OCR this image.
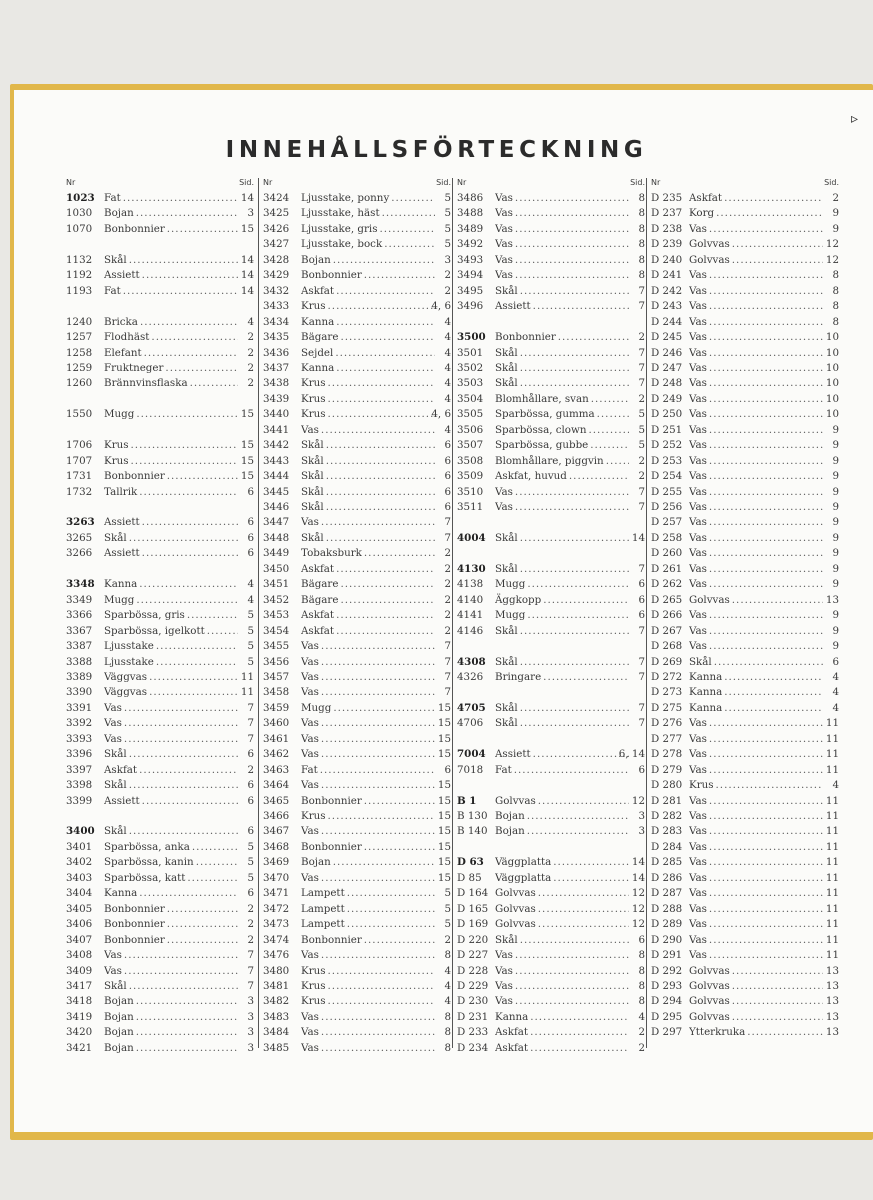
▹
INNEHÅLLSFÖRTECKNING
Nr	Sid.
1023 Fat .....	14
1030 Bojan .....	3
1070 Bonbonnier .....	15
1132 Skål .....	14
1192 Assiett .....	14
1193 Fat .....	14
1240 Bricka .....	4
1257 Flodhäst .....	2
1258 Elefant .....	2
1259 Fruktneger .....	2
1260 Brännvinsflaska .....	2
1550 Mugg .....	15
1706 Krus .....	15
1707 Krus .....	15
1731 Bonbonnier .....	15
1732 Tallrik .....	6
3263 Assiett .....	6
3265 Skål .....	6
3266 Assiett .....	6
3348 Kanna .....	4
3349 Mugg .....	4
3366 Sparbössa, gris .....	5
3367 Sparbössa, igelkott .....	5
3387 Ljusstake .....	5
3388 Ljusstake .....	5
3389 Väggvas .....	11
3390 Väggvas .....	11
3391 Vas .....	7
3392 Vas .....	7
3393 Vas .....	7
3396 Skål .....	6
3397 Askfat .....	2
3398 Skål .....	6
3399 Assiett .....	6
3400 Skål .....	6
3401 Sparbössa, anka .....	5
3402 Sparbössa, kanin .....	5
3403 Sparbössa, katt .....	5
3404 Kanna .....	6
3405 Bonbonnier .....	2
3406 Bonbonnier .....	2
3407 Bonbonnier .....	2
3408 Vas .....	7
3409 Vas .....	7
3417 Skål .....	7
3418 Bojan .....	3
3419 Bojan .....	3
3420 Bojan .....	3
3421 Bojan .....	3
Nr	Sid.
3424 Ljusstake, ponny .....	5
3425 Ljusstake, häst .....	5
3426 Ljusstake, gris .....	5
3427 Ljusstake, bock .....	5
3428 Bojan .....	3
3429 Bonbonnier .....	2
3432 Askfat .....	2
3433 Krus .....	4, 6
3434 Kanna .....	4
3435 Bägare .....	4
3436 Sejdel .....	4
3437 Kanna .....	4
3438 Krus .....	4
3439 Krus .....	4
3440 Krus .....	4, 6
3441 Vas .....	4
3442 Skål .....	6
3443 Skål .....	6
3444 Skål .....	6
3445 Skål .....	6
3446 Skål .....	6
3447 Vas .....	7
3448 Skål .....	7
3449 Tobaksburk .....	2
3450 Askfat .....	2
3451 Bägare .....	2
3452 Bägare .....	2
3453 Askfat .....	2
3454 Askfat .....	2
3455 Vas .....	7
3456 Vas .....	7
3457 Vas .....	7
3458 Vas .....	7
3459 Mugg .....	15
3460 Vas .....	15
3461 Vas .....	15
3462 Vas .....	15
3463 Fat .....	6
3464 Vas .....	15
3465 Bonbonnier .....	15
3466 Krus .....	15
3467 Vas .....	15
3468 Bonbonnier .....	15
3469 Bojan .....	15
3470 Vas .....	15
3471 Lampett .....	5
3472 Lampett .....	5
3473 Lampett .....	5
3474 Bonbonnier .....	2
3476 Vas .....	8
3480 Krus .....	4
3481 Krus .....	4
3482 Krus .....	4
3483 Vas .....	8
3484 Vas .....	8
3485 Vas .....	8
Nr	Sid.
3486 Vas .....	8
3488 Vas .....	8
3489 Vas .....	8
3492 Vas .....	8
3493 Vas .....	8
3494 Vas .....	8
3495 Skål .....	7
3496 Assiett .....	7
3500 Bonbonnier .....	2
3501 Skål .....	7
3502 Skål .....	7
3503 Skål .....	7
3504 Blomhållare, svan .....	2
3505 Sparbössa, gumma .....	5
3506 Sparbössa, clown .....	5
3507 Sparbössa, gubbe .....	5
3508 Blomhållare, piggvin .....	2
3509 Askfat, huvud .....	2
3510 Vas .....	7
3511 Vas .....	7
4004 Skål .....	14
4130 Skål .....	7
4138 Mugg .....	6
4140 Äggkopp .....	6
4141 Mugg .....	6
4146 Skål .....	7
4308 Skål .....	7
4326 Bringare .....	7
4705 Skål .....	7
4706 Skål .....	7
7004 Assiett .....	6, 14
7018 Fat .....	6
B 1 Golvvas .....	12
B 130 Bojan .....	3
B 140 Bojan .....	3
D 63 Väggplatta .....	14
D 85 Väggplatta .....	14
D 164 Golvvas .....	12
D 165 Golvvas .....	12
D 169 Golvvas .....	12
D 220 Skål .....	6
D 227 Vas .....	8
D 228 Vas .....	8
D 229 Vas .....	8
D 230 Vas .....	8
D 231 Kanna .....	4
D 233 Askfat .....	2
D 234 Askfat .....	2
Nr	Sid.
D 235 Askfat .....	2
D 237 Korg .....	9
D 238 Vas .....	9
D 239 Golvvas .....	12
D 240 Golvvas .....	12
D 241 Vas .....	8
D 242 Vas .....	8
D 243 Vas .....	8
D 244 Vas .....	8
D 245 Vas .....	10
D 246 Vas .....	10
D 247 Vas .....	10
D 248 Vas .....	10
D 249 Vas .....	10
D 250 Vas .....	10
D 251 Vas .....	9
D 252 Vas .....	9
D 253 Vas .....	9
D 254 Vas .....	9
D 255 Vas .....	9
D 256 Vas .....	9
D 257 Vas .....	9
D 258 Vas .....	9
D 260 Vas .....	9
D 261 Vas .....	9
D 262 Vas .....	9
D 265 Golvvas .....	13
D 266 Vas .....	9
D 267 Vas .....	9
D 268 Vas .....	9
D 269 Skål .....	6
D 272 Kanna .....	4
D 273 Kanna .....	4
D 275 Kanna .....	4
D 276 Vas .....	11
D 277 Vas .....	11
D 278 Vas .....	11
D 279 Vas .....	11
D 280 Krus .....	4
D 281 Vas .....	11
D 282 Vas .....	11
D 283 Vas .....	11
D 284 Vas .....	11
D 285 Vas .....	11
D 286 Vas .....	11
D 287 Vas .....	11
D 288 Vas .....	11
D 289 Vas .....	11
D 290 Vas .....	11
D 291 Vas .....	11
D 292 Golvvas .....	13
D 293 Golvvas .....	13
D 294 Golvvas .....	13
D 295 Golvvas .....	13
D 297 Ytterkruka .....	13
